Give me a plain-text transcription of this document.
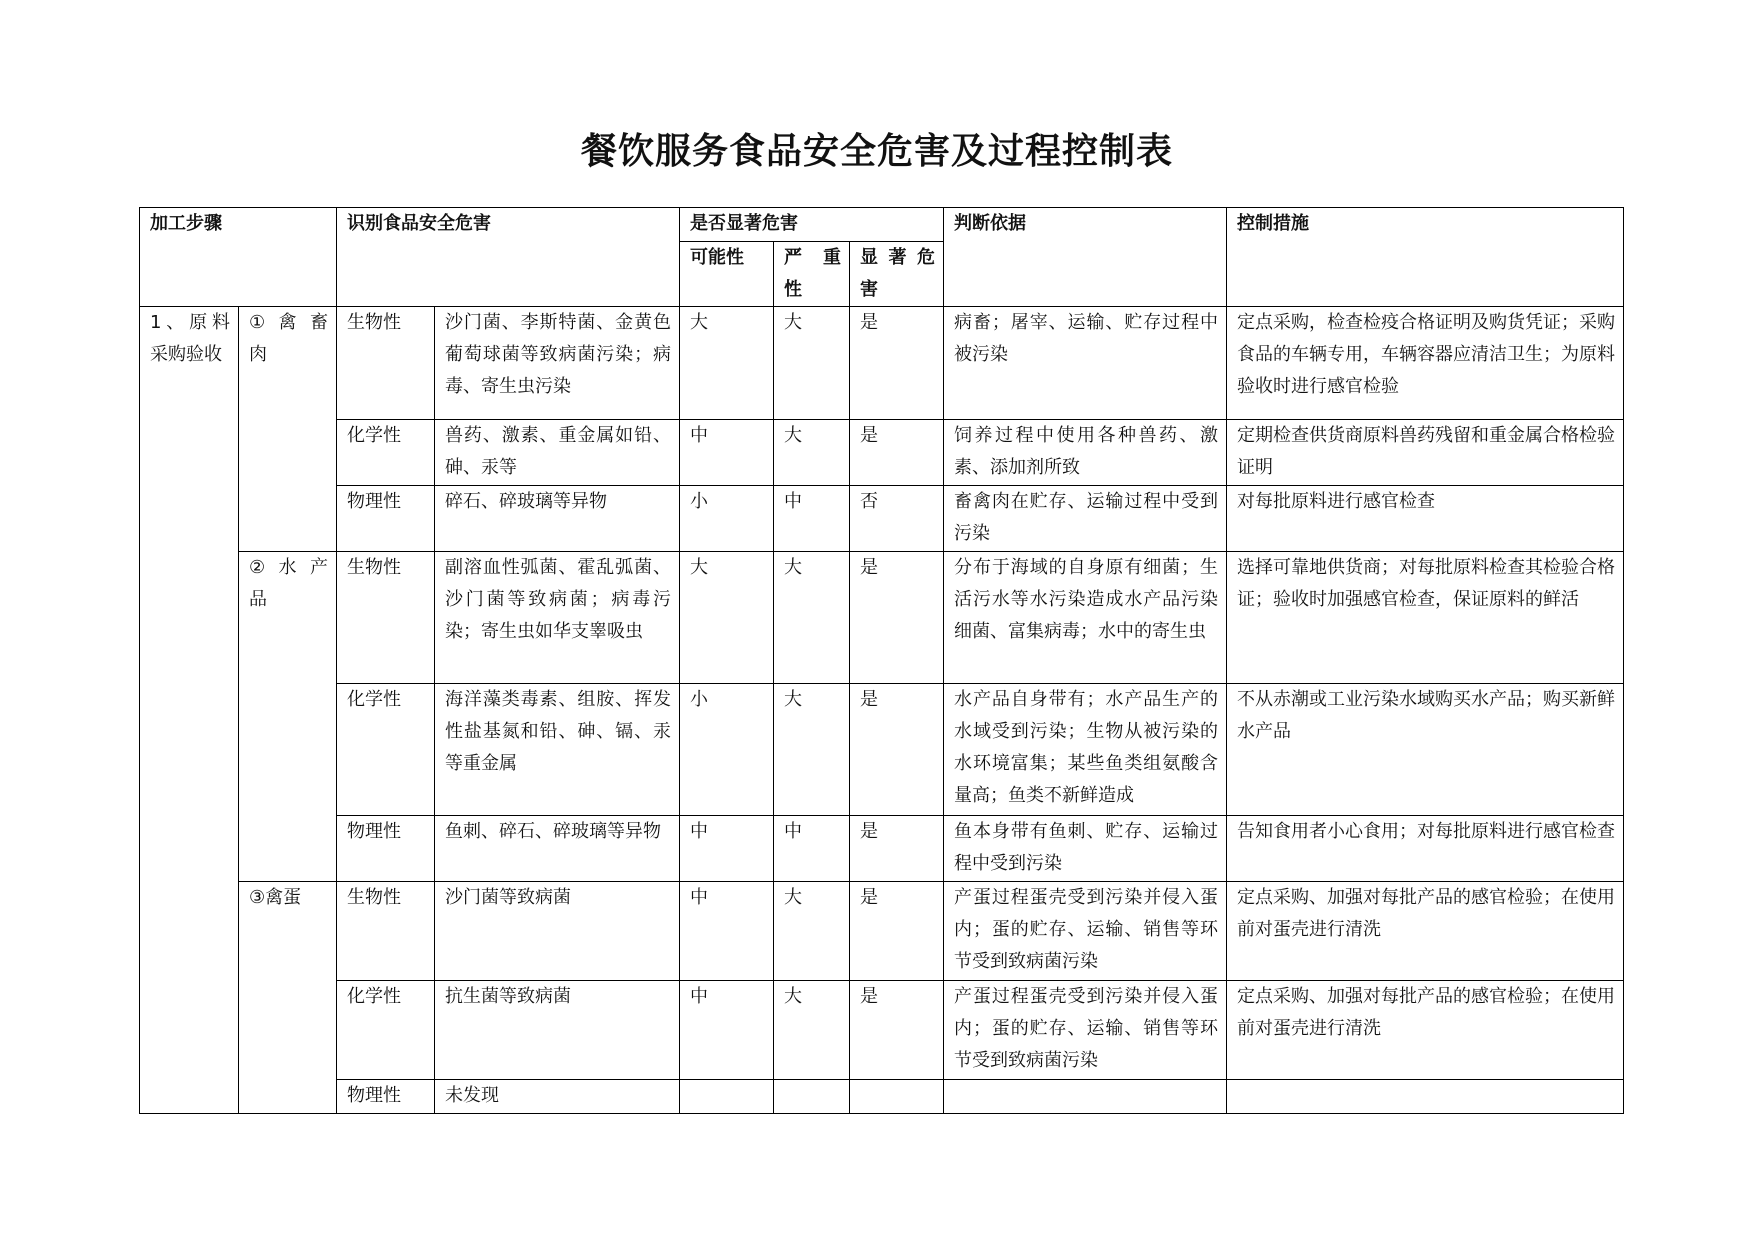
餐饮服务食品安全危害及过程控制表
加工步骤		识别食品安全危害		是否显著危害			判断依据	控制措施
				可能性	严 重 性	显 著 危 害		
1、原料采购验收	① 禽 畜 肉	生物性	沙门菌、李斯特菌、金黄色葡萄球菌等致病菌污染；病毒、寄生虫污染	大	大	是	病畜；屠宰、运输、贮存过程中被污染	定点采购，检查检疫合格证明及购货凭证；采购食品的车辆专用，车辆容器应清洁卫生；为原料验收时进行感官检验
		化学性	兽药、激素、重金属如铅、砷、汞等	中	大	是	饲养过程中使用各种兽药、激素、添加剂所致	定期检查供货商原料兽药残留和重金属合格检验证明
		物理性	碎石、碎玻璃等异物	小	中	否	畜禽肉在贮存、运输过程中受到污染	对每批原料进行感官检查
	② 水 产 品	生物性	副溶血性弧菌、霍乱弧菌、沙门菌等致病菌；病毒污染；寄生虫如华支睾吸虫	大	大	是	分布于海域的自身原有细菌；生活污水等水污染造成水产品污染细菌、富集病毒；水中的寄生虫	选择可靠地供货商；对每批原料检查其检验合格证；验收时加强感官检查，保证原料的鲜活
		化学性	海洋藻类毒素、组胺、挥发性盐基氮和铅、砷、镉、汞等重金属	小	大	是	水产品自身带有；水产品生产的水域受到污染；生物从被污染的水环境富集；某些鱼类组氨酸含量高；鱼类不新鲜造成	不从赤潮或工业污染水域购买水产品；购买新鲜水产品
		物理性	鱼刺、碎石、碎玻璃等异物	中	中	是	鱼本身带有鱼刺、贮存、运输过程中受到污染	告知食用者小心食用；对每批原料进行感官检查
	③禽蛋	生物性	沙门菌等致病菌	中	大	是	产蛋过程蛋壳受到污染并侵入蛋内；蛋的贮存、运输、销售等环节受到致病菌污染	定点采购、加强对每批产品的感官检验；在使用前对蛋壳进行清洗
		化学性	抗生菌等致病菌	中	大	是	产蛋过程蛋壳受到污染并侵入蛋内；蛋的贮存、运输、销售等环节受到致病菌污染	定点采购、加强对每批产品的感官检验；在使用前对蛋壳进行清洗
		物理性	未发现					
